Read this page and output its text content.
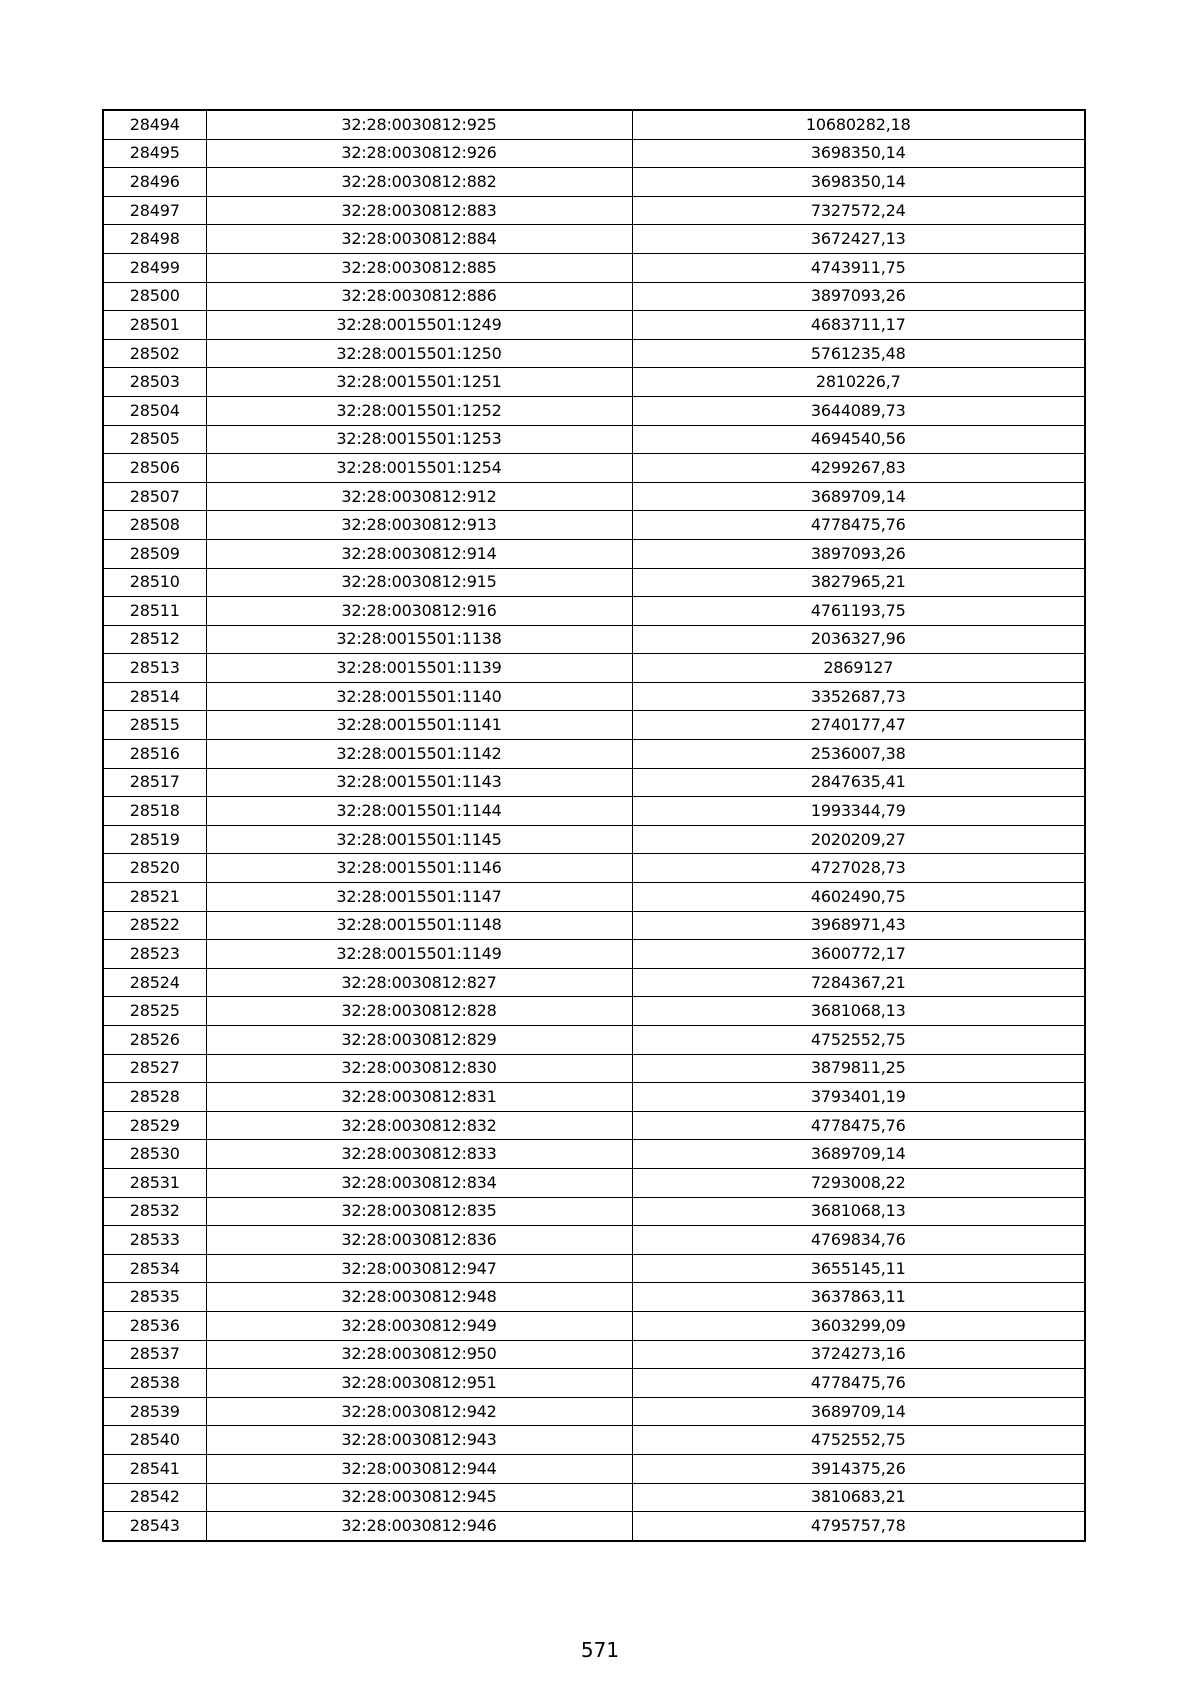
28494	32:28:0030812:925	10680282,18
28495	32:28:0030812:926	3698350,14
28496	32:28:0030812:882	3698350,14
28497	32:28:0030812:883	7327572,24
28498	32:28:0030812:884	3672427,13
28499	32:28:0030812:885	4743911,75
28500	32:28:0030812:886	3897093,26
28501	32:28:0015501:1249	4683711,17
28502	32:28:0015501:1250	5761235,48
28503	32:28:0015501:1251	2810226,7
28504	32:28:0015501:1252	3644089,73
28505	32:28:0015501:1253	4694540,56
28506	32:28:0015501:1254	4299267,83
28507	32:28:0030812:912	3689709,14
28508	32:28:0030812:913	4778475,76
28509	32:28:0030812:914	3897093,26
28510	32:28:0030812:915	3827965,21
28511	32:28:0030812:916	4761193,75
28512	32:28:0015501:1138	2036327,96
28513	32:28:0015501:1139	2869127
28514	32:28:0015501:1140	3352687,73
28515	32:28:0015501:1141	2740177,47
28516	32:28:0015501:1142	2536007,38
28517	32:28:0015501:1143	2847635,41
28518	32:28:0015501:1144	1993344,79
28519	32:28:0015501:1145	2020209,27
28520	32:28:0015501:1146	4727028,73
28521	32:28:0015501:1147	4602490,75
28522	32:28:0015501:1148	3968971,43
28523	32:28:0015501:1149	3600772,17
28524	32:28:0030812:827	7284367,21
28525	32:28:0030812:828	3681068,13
28526	32:28:0030812:829	4752552,75
28527	32:28:0030812:830	3879811,25
28528	32:28:0030812:831	3793401,19
28529	32:28:0030812:832	4778475,76
28530	32:28:0030812:833	3689709,14
28531	32:28:0030812:834	7293008,22
28532	32:28:0030812:835	3681068,13
28533	32:28:0030812:836	4769834,76
28534	32:28:0030812:947	3655145,11
28535	32:28:0030812:948	3637863,11
28536	32:28:0030812:949	3603299,09
28537	32:28:0030812:950	3724273,16
28538	32:28:0030812:951	4778475,76
28539	32:28:0030812:942	3689709,14
28540	32:28:0030812:943	4752552,75
28541	32:28:0030812:944	3914375,26
28542	32:28:0030812:945	3810683,21
28543	32:28:0030812:946	4795757,78
571
